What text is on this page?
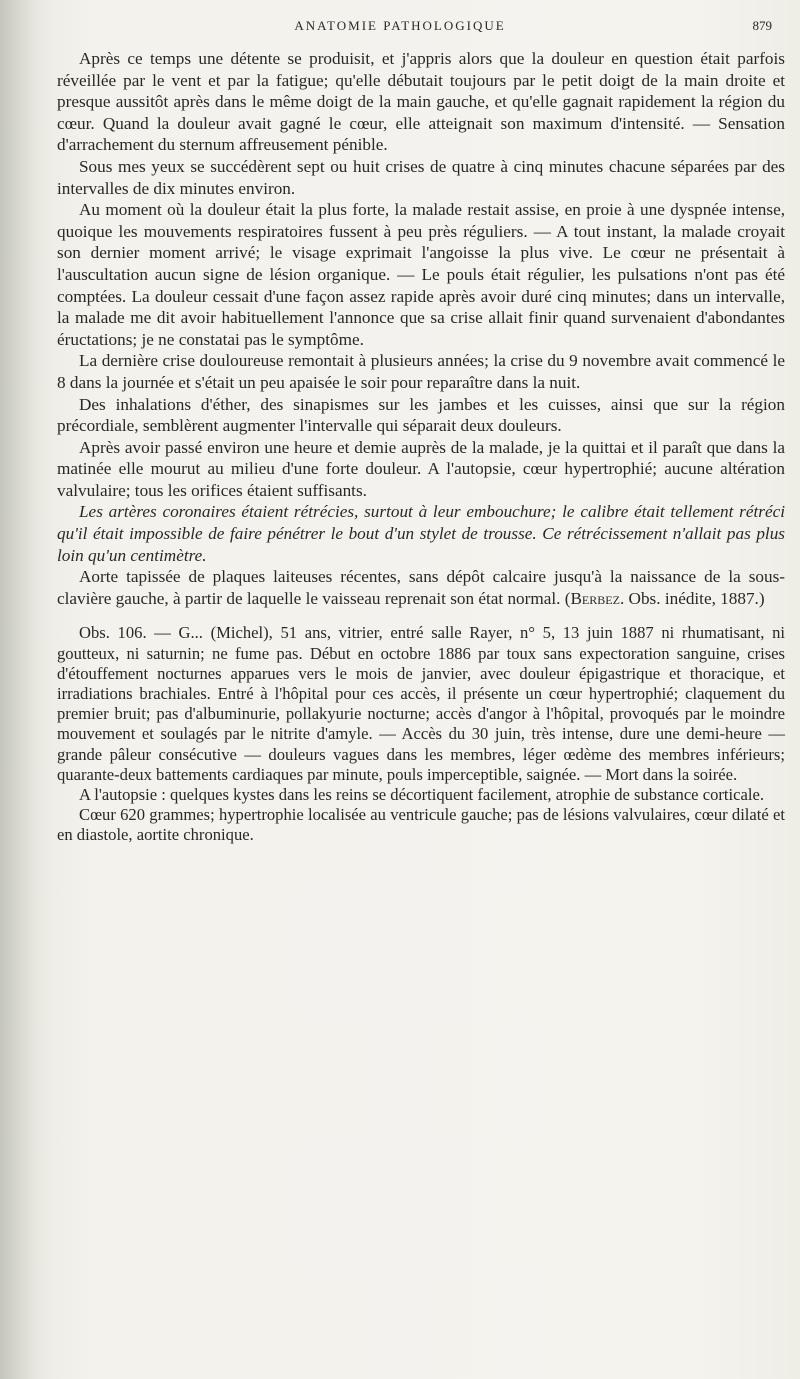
ANATOMIE PATHOLOGIQUE	879

Après ce temps une détente se produisit, et j'appris alors que la douleur en question était parfois réveillée par le vent et par la fatigue; qu'elle débutait toujours par le petit doigt de la main droite et presque aussitôt après dans le même doigt de la main gauche, et qu'elle gagnait rapidement la région du cœur. Quand la douleur avait gagné le cœur, elle atteignait son maximum d'intensité. — Sensation d'arrachement du sternum affreusement pénible.

Sous mes yeux se succédèrent sept ou huit crises de quatre à cinq minutes chacune séparées par des intervalles de dix minutes environ.

Au moment où la douleur était la plus forte, la malade restait assise, en proie à une dyspnée intense, quoique les mouvements respiratoires fussent à peu près réguliers. — A tout instant, la malade croyait son dernier moment arrivé; le visage exprimait l'angoisse la plus vive. Le cœur ne présentait à l'auscultation aucun signe de lésion organique. — Le pouls était régulier, les pulsations n'ont pas été comptées. La douleur cessait d'une façon assez rapide après avoir duré cinq minutes; dans un intervalle, la malade me dit avoir habituellement l'annonce que sa crise allait finir quand survenaient d'abondantes éructations; je ne constatai pas le symptôme.

La dernière crise douloureuse remontait à plusieurs années; la crise du 9 novembre avait commencé le 8 dans la journée et s'était un peu apaisée le soir pour reparaître dans la nuit.

Des inhalations d'éther, des sinapismes sur les jambes et les cuisses, ainsi que sur la région précordiale, semblèrent augmenter l'intervalle qui séparait deux douleurs.

Après avoir passé environ une heure et demie auprès de la malade, je la quittai et il paraît que dans la matinée elle mourut au milieu d'une forte douleur. A l'autopsie, cœur hypertrophié; aucune altération valvulaire; tous les orifices étaient suffisants.

Les artères coronaires étaient rétrécies, surtout à leur embouchure; le calibre était tellement rétréci qu'il était impossible de faire pénétrer le bout d'un stylet de trousse. Ce rétrécissement n'allait pas plus loin qu'un centimètre.

Aorte tapissée de plaques laiteuses récentes, sans dépôt calcaire jusqu'à la naissance de la sous-clavière gauche, à partir de laquelle le vaisseau reprenait son état normal. (Berbez. Obs. inédite, 1887.)

Obs. 106. — G... (Michel), 51 ans, vitrier, entré salle Rayer, n° 5, 13 juin 1887 ni rhumatisant, ni goutteux, ni saturnin; ne fume pas. Début en octobre 1886 par toux sans expectoration sanguine, crises d'étouffement nocturnes apparues vers le mois de janvier, avec douleur épigastrique et thoracique, et irradiations brachiales. Entré à l'hôpital pour ces accès, il présente un cœur hypertrophié; claquement du premier bruit; pas d'albuminurie, pollakyurie nocturne; accès d'angor à l'hôpital, provoqués par le moindre mouvement et soulagés par le nitrite d'amyle. — Accès du 30 juin, très intense, dure une demi-heure — grande pâleur consécutive — douleurs vagues dans les membres, léger œdème des membres inférieurs; quarante-deux battements cardiaques par minute, pouls imperceptible, saignée. — Mort dans la soirée.

A l'autopsie : quelques kystes dans les reins se décortiquent facilement, atrophie de substance corticale.

Cœur 620 grammes; hypertrophie localisée au ventricule gauche; pas de lésions valvulaires, cœur dilaté et en diastole, aortite chronique.
